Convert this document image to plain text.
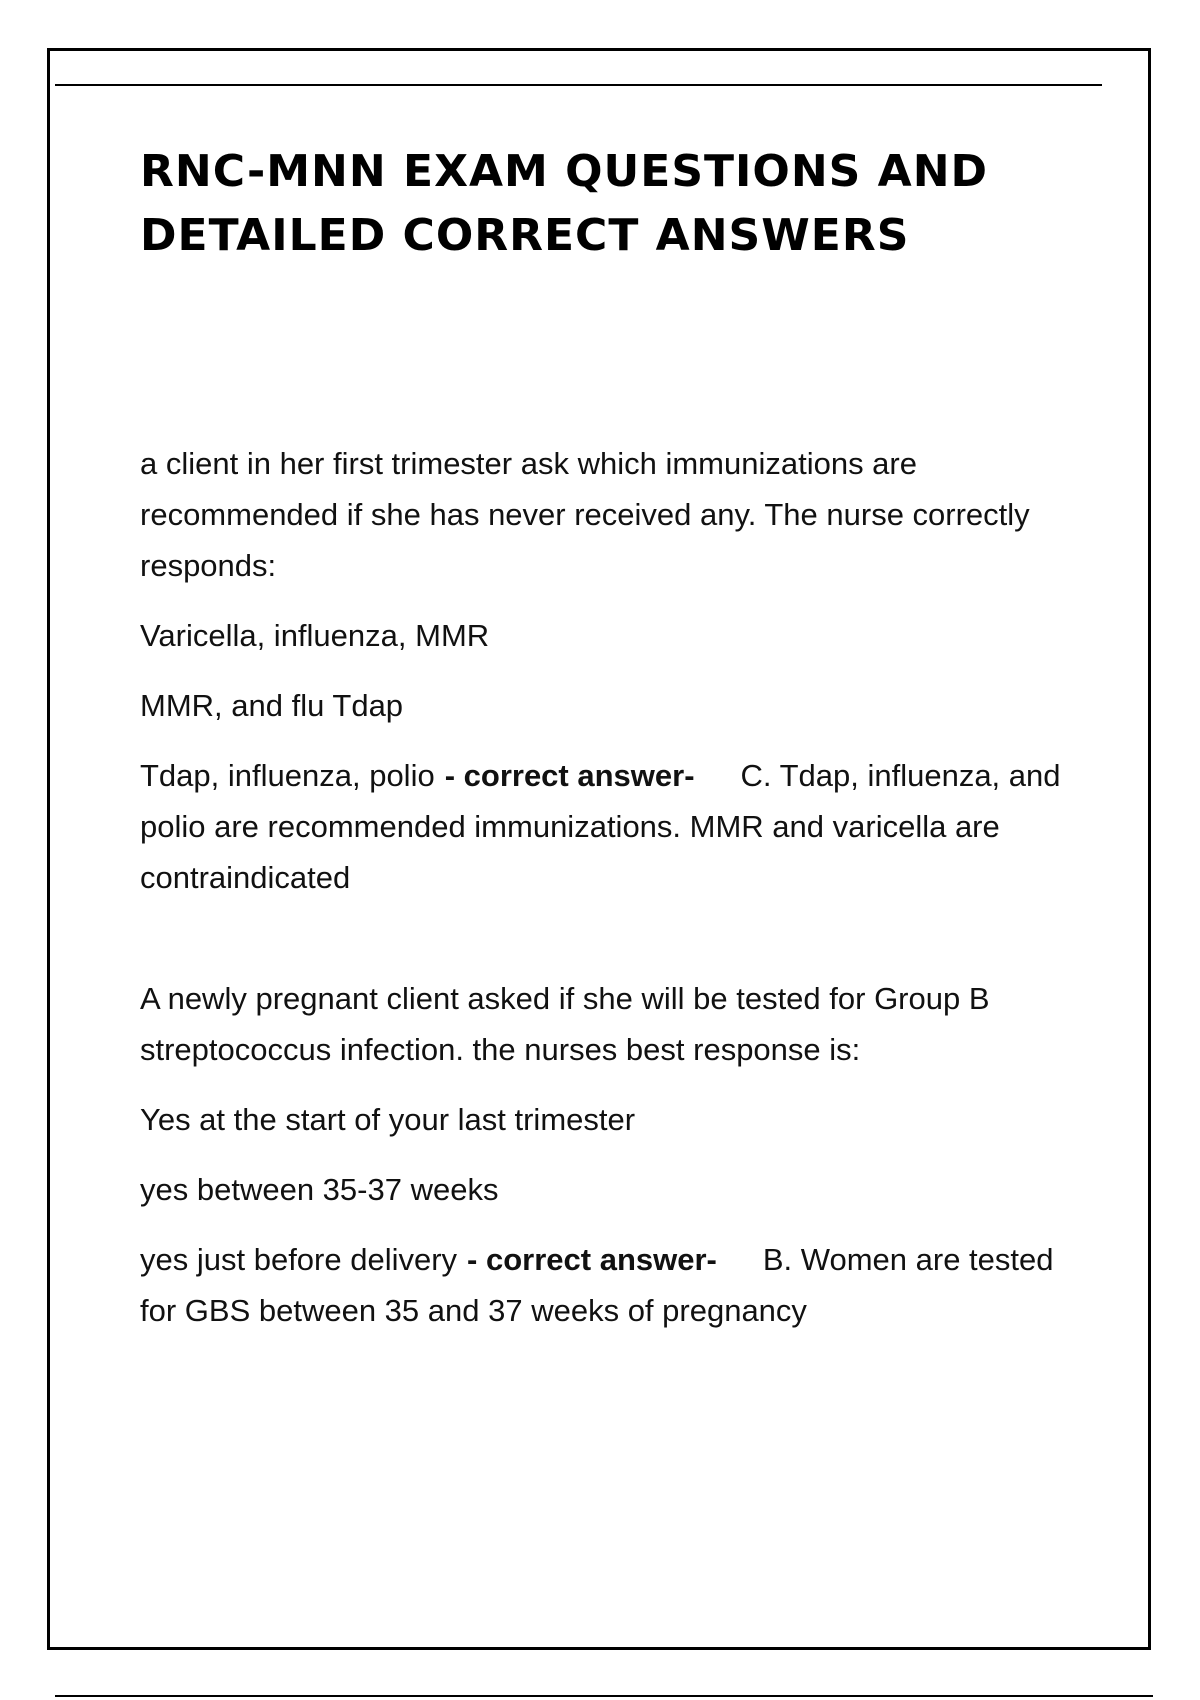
RNC-MNN EXAM QUESTIONS AND
DETAILED CORRECT ANSWERS

a client in her first trimester ask which immunizations are recommended if she has never received any. The nurse correctly responds:

Varicella, influenza, MMR

MMR, and flu Tdap

Tdap, influenza, polio - correct answer- C. Tdap, influenza, and polio are recommended immunizations. MMR and varicella are contraindicated

A newly pregnant client asked if she will be tested for Group B streptococcus infection. the nurses best response is:

Yes at the start of your last trimester

yes between 35-37 weeks

yes just before delivery - correct answer- B. Women are tested for GBS between 35 and 37 weeks of pregnancy
